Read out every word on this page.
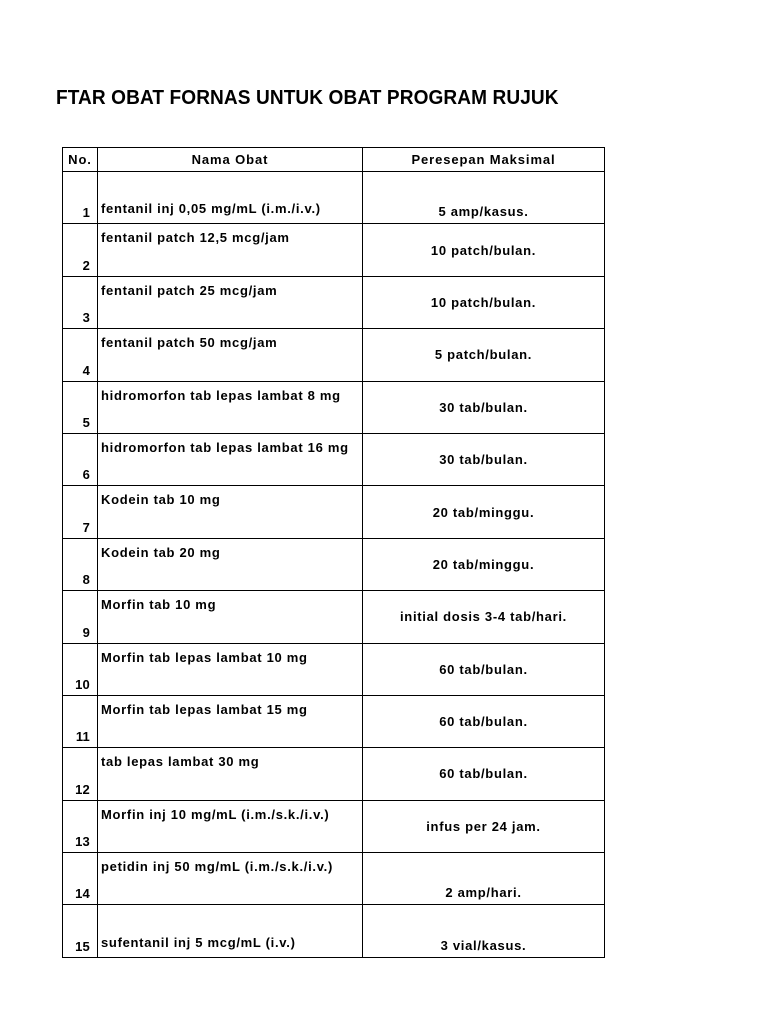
FTAR OBAT FORNAS UNTUK OBAT PROGRAM RUJUK
No.	Nama Obat	Peresepan Maksimal
1	fentanil inj 0,05 mg/mL (i.m./i.v.)	5 amp/kasus.
2	fentanil patch 12,5 mcg/jam	10 patch/bulan.
3	fentanil patch 25 mcg/jam	10 patch/bulan.
4	fentanil patch 50 mcg/jam	5 patch/bulan.
5	hidromorfon tab lepas lambat 8 mg	30 tab/bulan.
6	hidromorfon tab lepas lambat 16 mg	30 tab/bulan.
7	Kodein tab 10 mg	20 tab/minggu.
8	Kodein tab 20 mg	20 tab/minggu.
9	Morfin tab 10 mg	initial dosis 3-4 tab/hari.
10	Morfin tab lepas lambat 10 mg	60 tab/bulan.
11	Morfin tab lepas lambat 15 mg	60 tab/bulan.
12	tab lepas lambat 30 mg	60 tab/bulan.
13	Morfin inj 10 mg/mL (i.m./s.k./i.v.)	infus per 24 jam.
14	petidin inj 50 mg/mL (i.m./s.k./i.v.)	2 amp/hari.
15	sufentanil inj 5 mcg/mL (i.v.)	3 vial/kasus.
